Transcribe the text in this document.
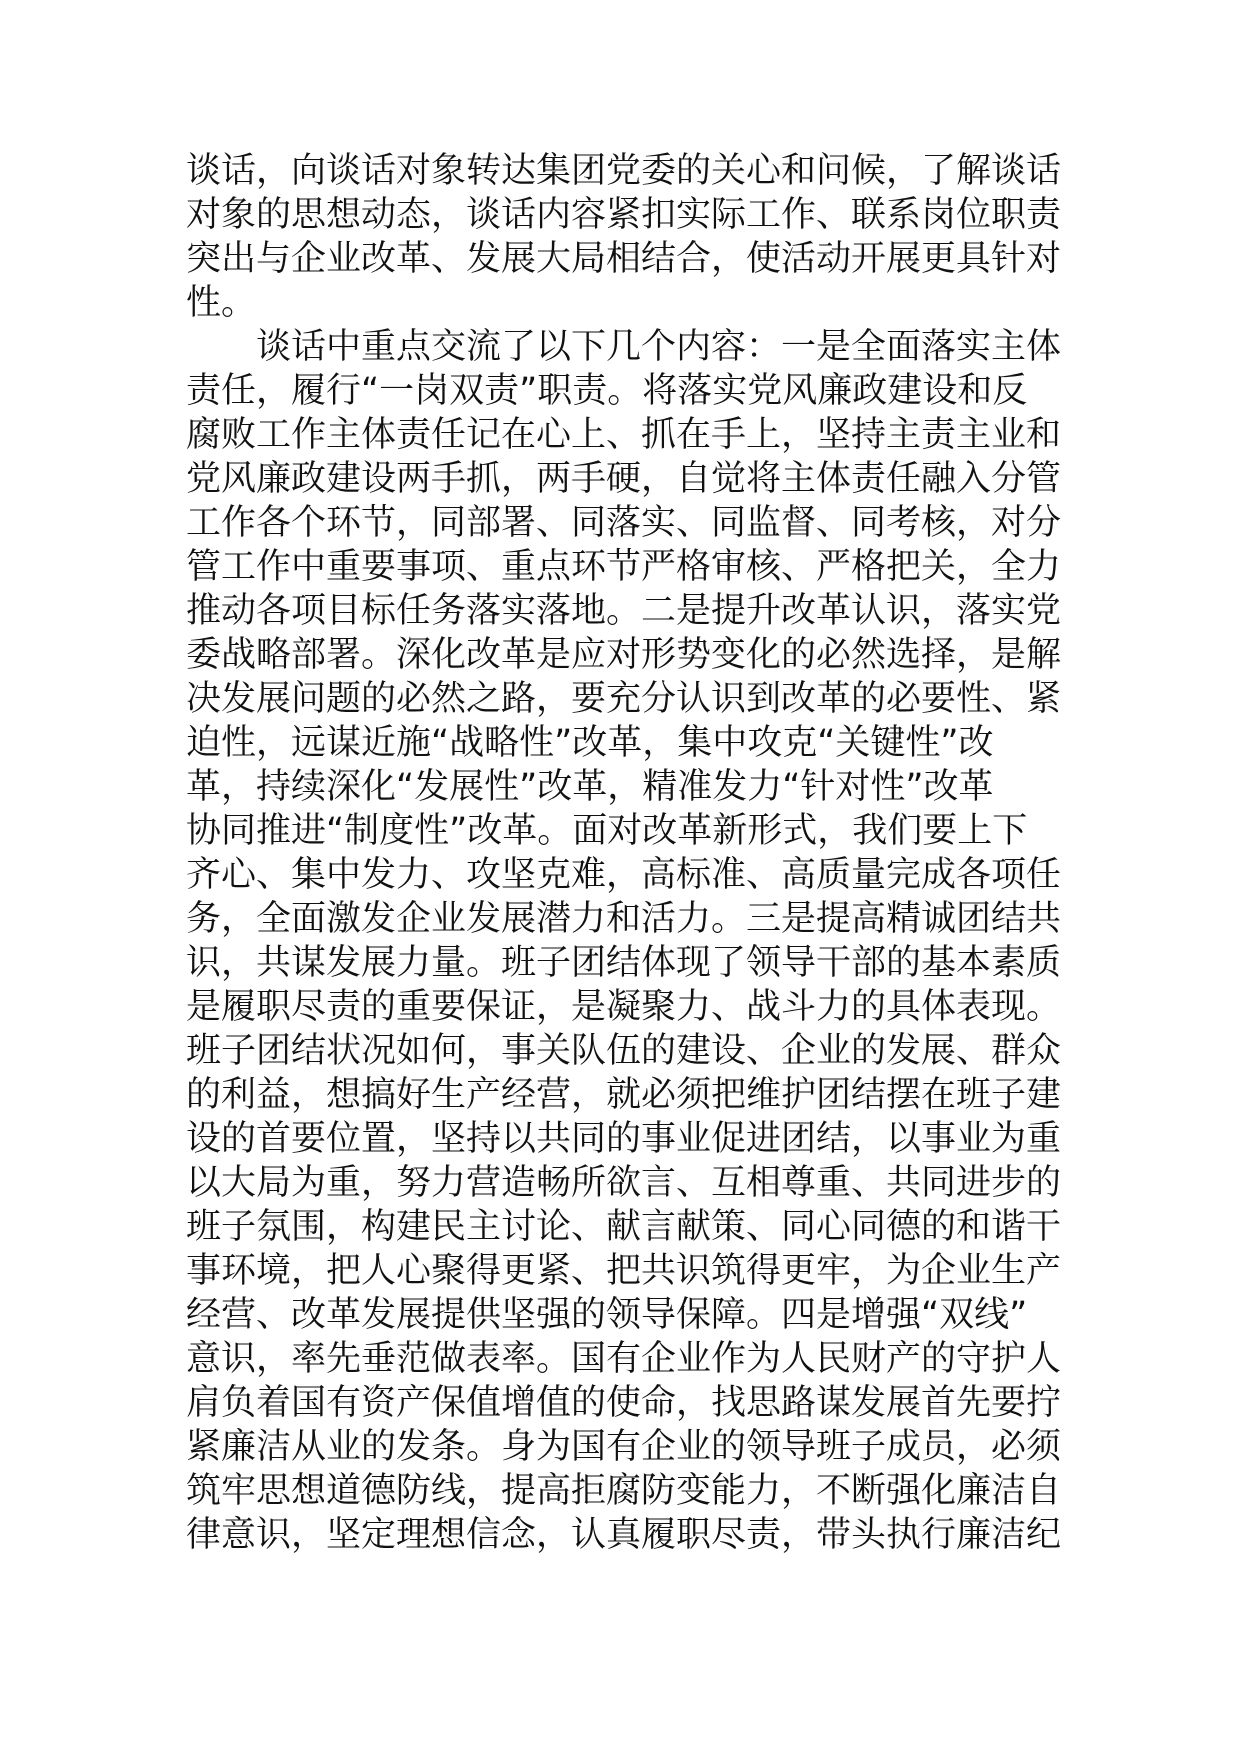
谈话，向谈话对象转达集团党委的关心和问候，了解谈话
对象的思想动态，谈话内容紧扣实际工作、联系岗位职责
突出与企业改革、发展大局相结合，使活动开展更具针对
性。
谈话中重点交流了以下几个内容：一是全面落实主体
责任，履行“一岗双责”职责。将落实党风廉政建设和反
腐败工作主体责任记在心上、抓在手上，坚持主责主业和
党风廉政建设两手抓，两手硬，自觉将主体责任融入分管
工作各个环节，同部署、同落实、同监督、同考核，对分
管工作中重要事项、重点环节严格审核、严格把关，全力
推动各项目标任务落实落地。二是提升改革认识，落实党
委战略部署。深化改革是应对形势变化的必然选择，是解
决发展问题的必然之路，要充分认识到改革的必要性、紧
迫性，远谋近施“战略性”改革，集中攻克“关键性”改
革，持续深化“发展性”改革，精准发力“针对性”改革
协同推进“制度性”改革。面对改革新形式，我们要上下
齐心、集中发力、攻坚克难，高标准、高质量完成各项任
务，全面激发企业发展潜力和活力。三是提高精诚团结共
识，共谋发展力量。班子团结体现了领导干部的基本素质
是履职尽责的重要保证，是凝聚力、战斗力的具体表现。
班子团结状况如何，事关队伍的建设、企业的发展、群众
的利益，想搞好生产经营，就必须把维护团结摆在班子建
设的首要位置，坚持以共同的事业促进团结，以事业为重
以大局为重，努力营造畅所欲言、互相尊重、共同进步的
班子氛围，构建民主讨论、献言献策、同心同德的和谐干
事环境，把人心聚得更紧、把共识筑得更牢，为企业生产
经营、改革发展提供坚强的领导保障。四是增强“双线”
意识，率先垂范做表率。国有企业作为人民财产的守护人
肩负着国有资产保值增值的使命，找思路谋发展首先要拧
紧廉洁从业的发条。身为国有企业的领导班子成员，必须
筑牢思想道德防线，提高拒腐防变能力，不断强化廉洁自
律意识，坚定理想信念，认真履职尽责，带头执行廉洁纪
